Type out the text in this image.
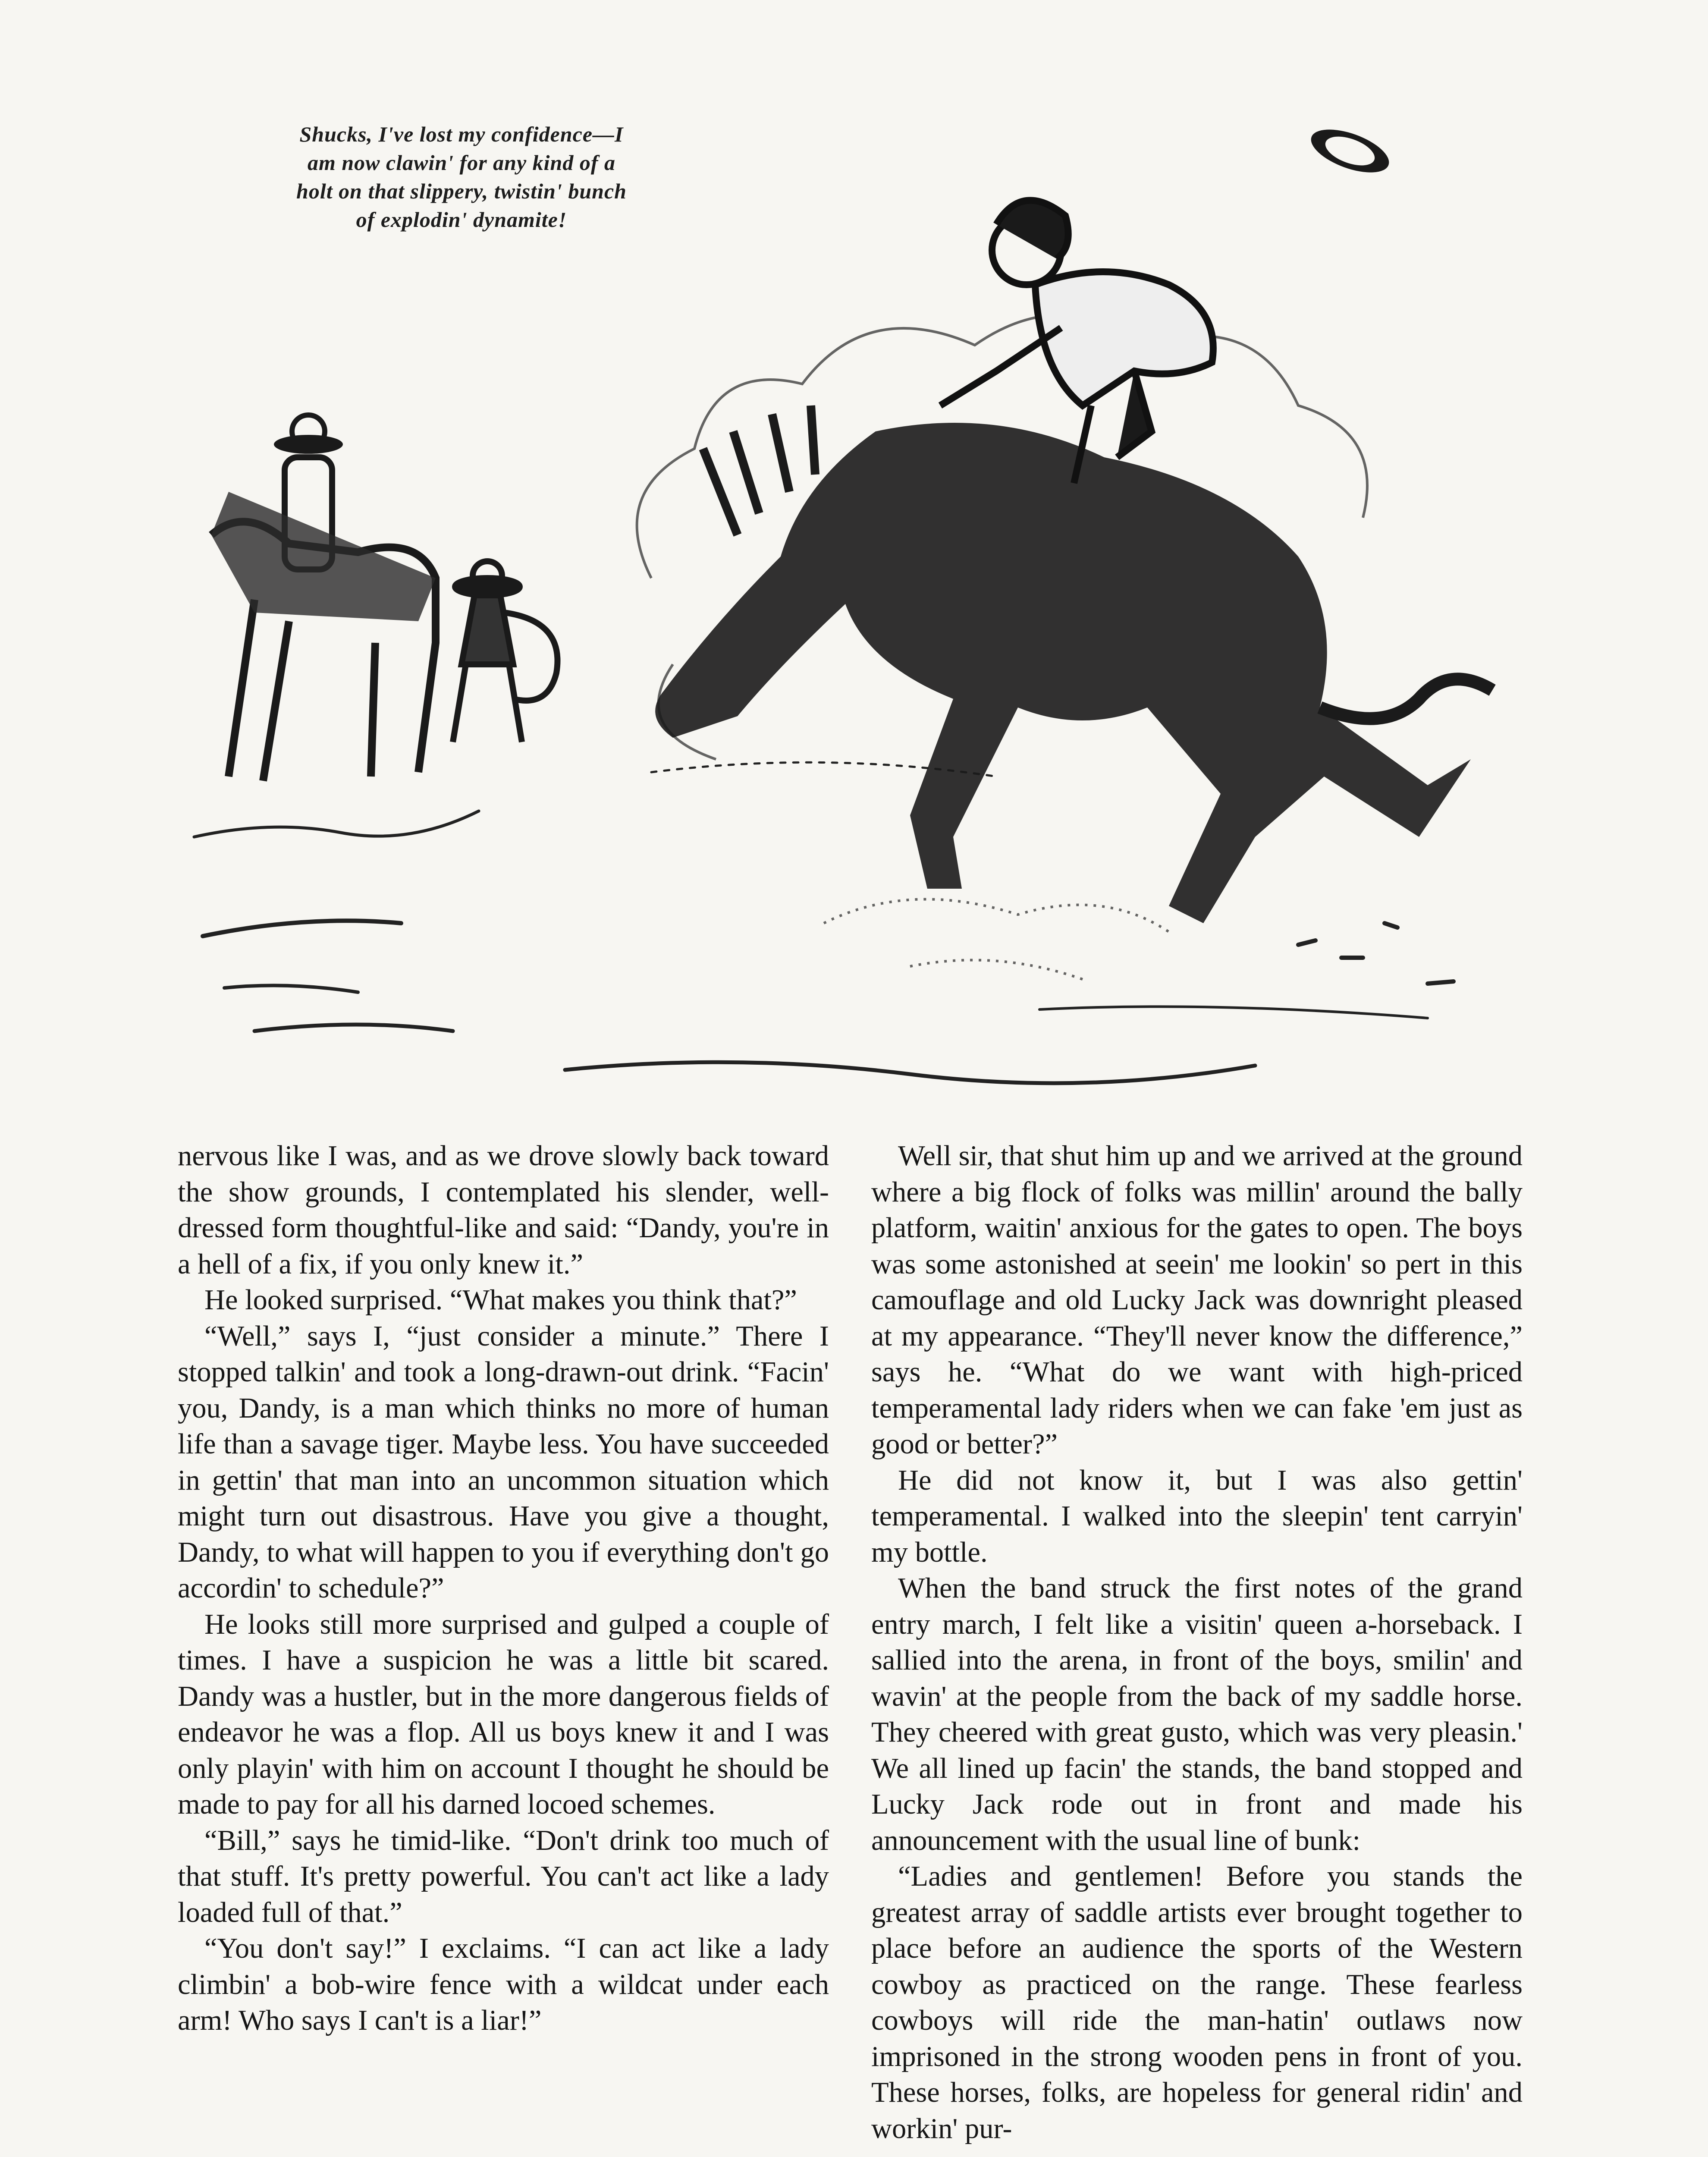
Shucks, I've lost my confidence—I
am now clawin' for any kind of a
holt on that slippery, twistin' bunch
of explodin' dynamite!

nervous like I was, and as we drove slowly back toward the show grounds, I contemplated his slender, well-dressed form thoughtful-like and said: “Dandy, you're in a hell of a fix, if you only knew it.”

He looked surprised. “What makes you think that?”

“Well,” says I, “just consider a minute.” There I stopped talkin' and took a long-drawn-out drink. “Facin' you, Dandy, is a man which thinks no more of human life than a savage tiger. Maybe less. You have succeeded in gettin' that man into an uncommon situation which might turn out disastrous. Have you give a thought, Dandy, to what will happen to you if everything don't go accordin' to schedule?”

He looks still more surprised and gulped a couple of times. I have a suspicion he was a little bit scared. Dandy was a hustler, but in the more dangerous fields of endeavor he was a flop. All us boys knew it and I was only playin' with him on account I thought he should be made to pay for all his darned locoed schemes.

“Bill,” says he timid-like. “Don't drink too much of that stuff. It's pretty powerful. You can't act like a lady loaded full of that.”

“You don't say!” I exclaims. “I can act like a lady climbin' a bob-wire fence with a wildcat under each arm! Who says I can't is a liar!”

Well sir, that shut him up and we arrived at the ground where a big flock of folks was millin' around the bally platform, waitin' anxious for the gates to open. The boys was some astonished at seein' me lookin' so pert in this camouflage and old Lucky Jack was downright pleased at my appearance. “They'll never know the difference,” says he. “What do we want with high-priced temperamental lady riders when we can fake 'em just as good or better?”

He did not know it, but I was also gettin' temperamental. I walked into the sleepin' tent carryin' my bottle.

When the band struck the first notes of the grand entry march, I felt like a visitin' queen a-horseback. I sallied into the arena, in front of the boys, smilin' and wavin' at the people from the back of my saddle horse. They cheered with great gusto, which was very pleasin.' We all lined up facin' the stands, the band stopped and Lucky Jack rode out in front and made his announcement with the usual line of bunk:

“Ladies and gentlemen! Before you stands the greatest array of saddle artists ever brought together to place before an audience the sports of the Western cowboy as practiced on the range. These fearless cowboys will ride the man-hatin' outlaws now imprisoned in the strong wooden pens in front of you. These horses, folks, are hopeless for general ridin' and workin' pur-
